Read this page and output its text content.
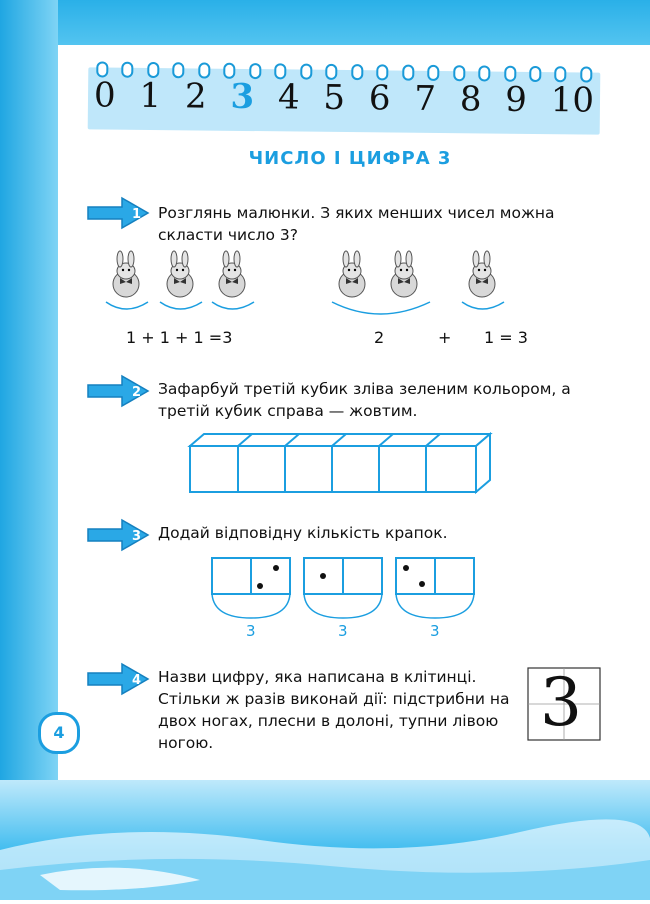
0 1 2 3 4 5 6 7 8 9 10
ЧИСЛО І ЦИФРА 3
1
2
3
4
Розглянь малюнки. З яких менших чисел можна скласти число 3?
Зафарбуй третій кубик зліва зеленим кольором, а третій кубик справа — жовтим.
Додай відповідну кількість крапок.
Назви цифру, яка написана в клітинці. Стільки ж разів виконай дії: підстрибни на двох ногах, плесни в долоні, тупни лівою ногою.
1 + 1 + 1 =3	2	+ 1 = 3
3	3	3
3
4
